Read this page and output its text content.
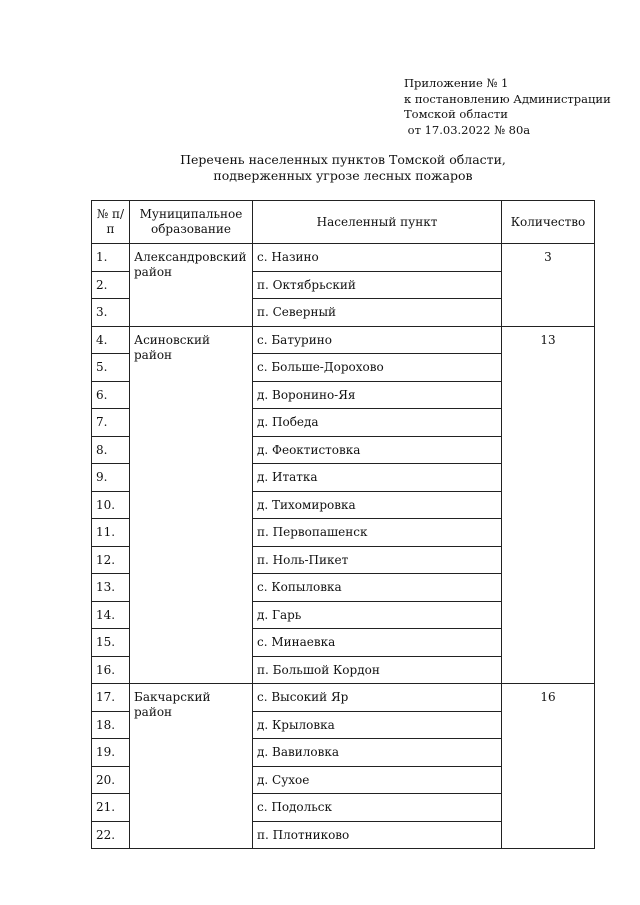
Приложение № 1
к постановлению Администрации
Томской области
от 17.03.2022 № 80а
Перечень населенных пунктов Томской области,
подверженных угрозе лесных пожаров
№ п/п	Муниципальное образование	Населенный пункт	Количество
1.	Александровский район	с. Назино	3
2.		п. Октябрьский	
3.		п. Северный	
4.	Асиновский район	с. Батурино	13
5.		с. Больше-Дорохово	
6.		д. Воронино-Яя	
7.		д. Победа	
8.		д. Феоктистовка	
9.		д. Итатка	
10.		д. Тихомировка	
11.		п. Первопашенск	
12.		п. Ноль-Пикет	
13.		с. Копыловка	
14.		д. Гарь	
15.		с. Минаевка	
16.		п. Большой Кордон	
17.	Бакчарский район	с. Высокий Яр	16
18.		д. Крыловка	
19.		д. Вавиловка	
20.		д. Сухое	
21.		с. Подольск	
22.		п. Плотниково	
